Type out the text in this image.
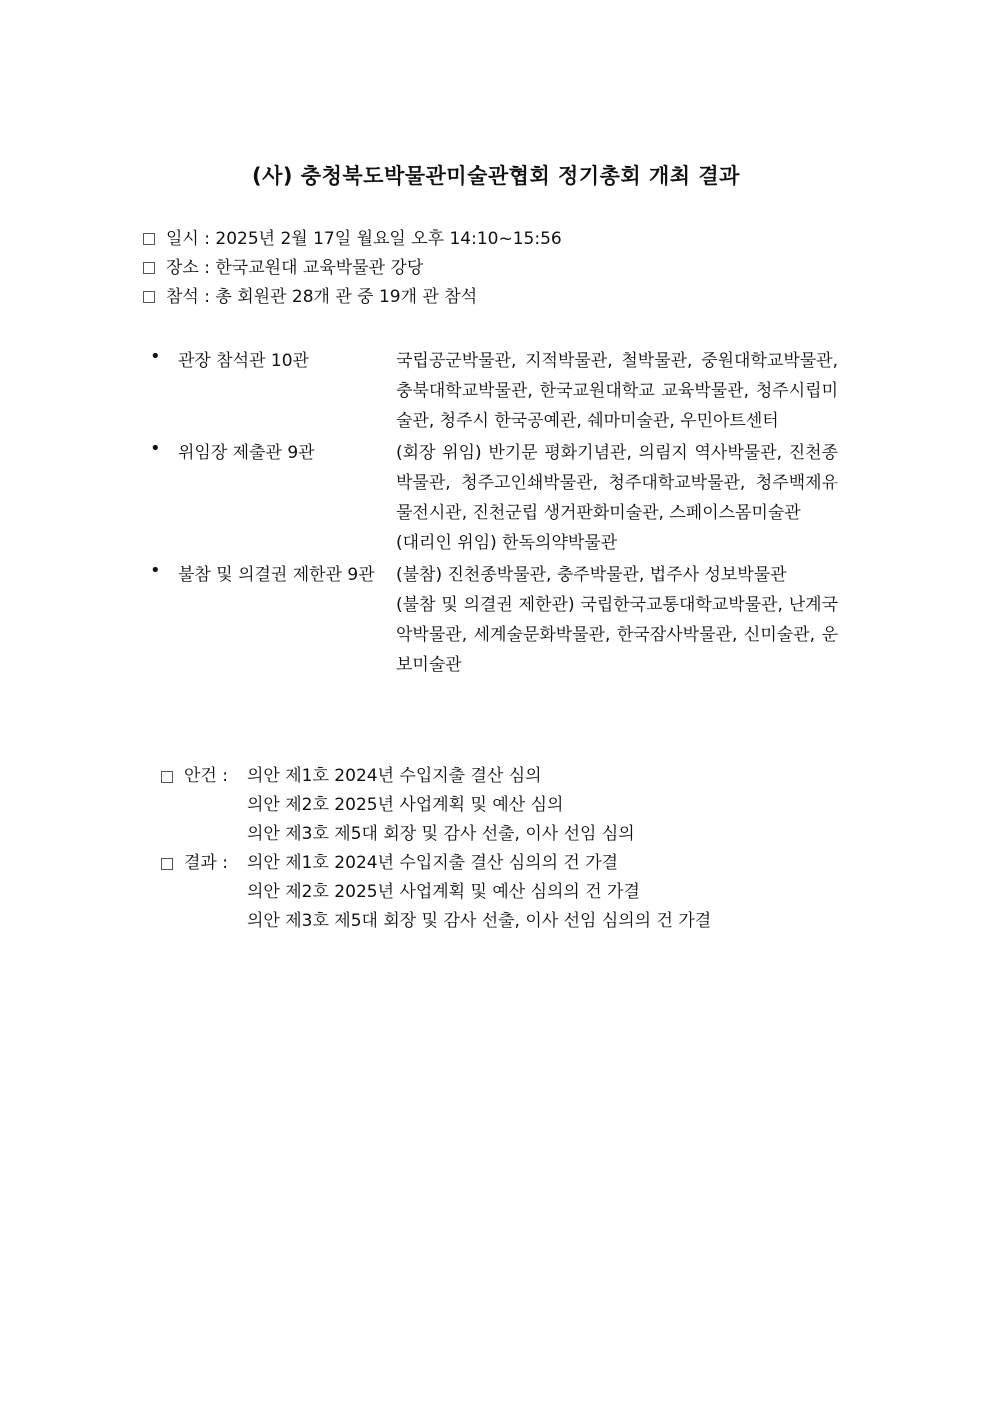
(사) 충청북도박물관미술관협회 정기총회 개최 결과
일시 : 2025년 2월 17일 월요일 오후 14:10~15:56
장소 : 한국교원대 교육박물관 강당
참석 : 총 회원관 28개 관 중 19개 관 참석
•	관장 참석관 10관	국립공군박물관, 지적박물관, 철박물관, 중원대학교박물관, 충북대학교박물관, 한국교원대학교 교육박물관, 청주시립미술관, 청주시 한국공예관, 쉐마미술관, 우민아트센터

•	위임장 제출관 9관	(회장 위임) 반기문 평화기념관, 의림지 역사박물관, 진천종박물관, 청주고인쇄박물관, 청주대학교박물관, 청주백제유물전시관, 진천군립 생거판화미술관, 스페이스몸미술관

(대리인 위임) 한독의약박물관

•	불참 및 의결권 제한관 9관 (불참) 진천종박물관, 충주박물관, 법주사 성보박물관

(불참 및 의결권 제한관) 국립한국교통대학교박물관, 난계국악박물관, 세계술문화박물관, 한국잠사박물관, 신미술관, 운보미술관

안건 : 의안 제1호 2024년 수입지출 결산 심의

의안 제2호 2025년 사업계획 및 예산 심의

의안 제3호 제5대 회장 및 감사 선출, 이사 선임 심의

결과 : 의안 제1호 2024년 수입지출 결산 심의의 건 가결

의안 제2호 2025년 사업계획 및 예산 심의의 건 가결

의안 제3호 제5대 회장 및 감사 선출, 이사 선임 심의의 건 가결
